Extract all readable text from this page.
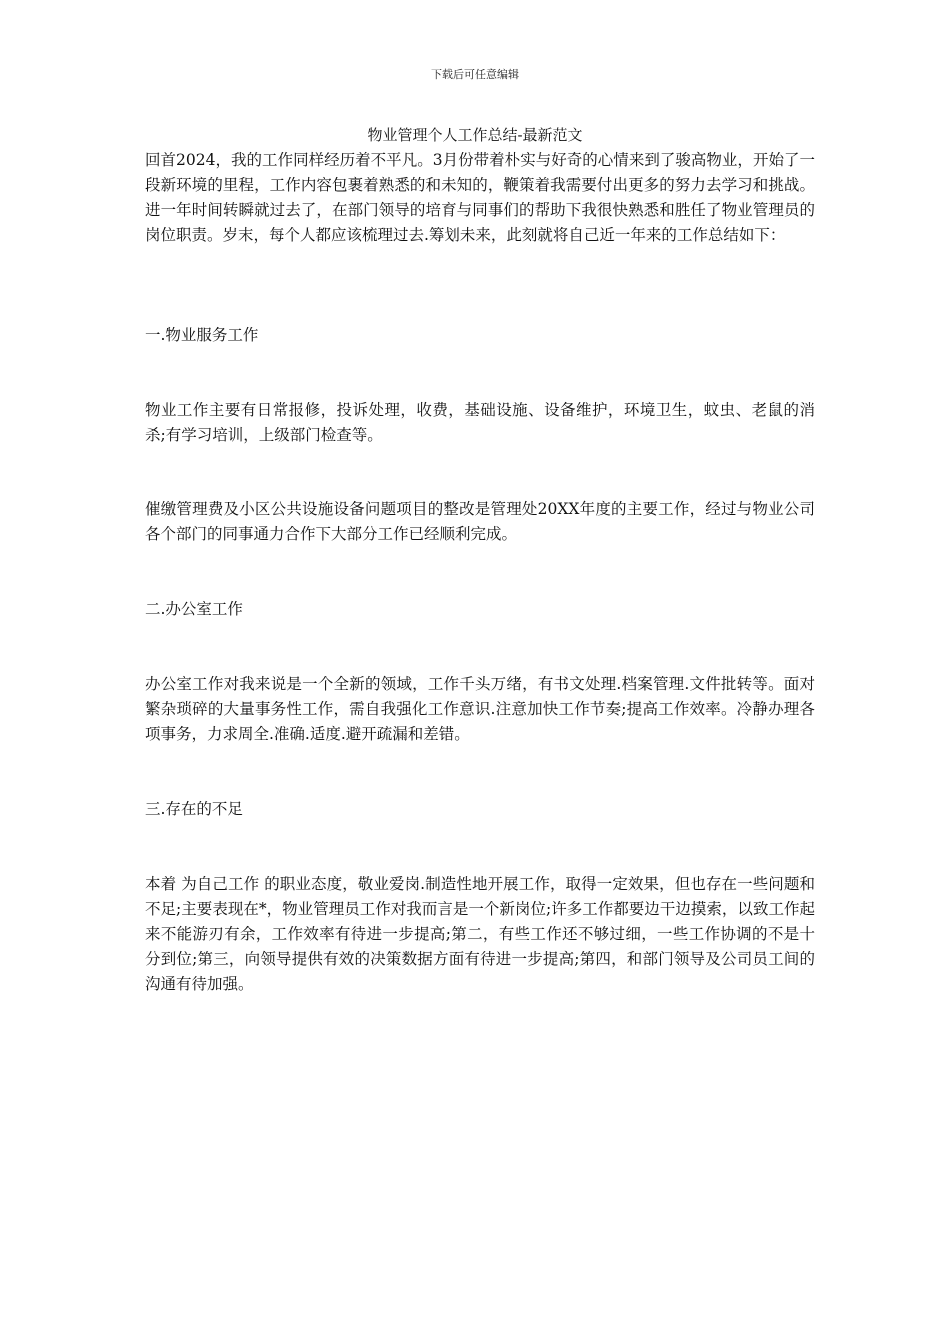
下载后可任意编辑
物业管理个人工作总结-最新范文

回首2024，我的工作同样经历着不平凡。3月份带着朴实与好奇的心情来到了骏高物业，开始了一段新环境的里程，工作内容包裹着熟悉的和未知的，鞭策着我需要付出更多的努力去学习和挑战。进一年时间转瞬就过去了，在部门领导的培育与同事们的帮助下我很快熟悉和胜任了物业管理员的岗位职责。岁末，每个人都应该梳理过去.筹划未来，此刻就将自己近一年来的工作总结如下：

一.物业服务工作

物业工作主要有日常报修，投诉处理，收费，基础设施、设备维护，环境卫生，蚊虫、老鼠的消杀;有学习培训，上级部门检查等。

催缴管理费及小区公共设施设备问题项目的整改是管理处20XX年度的主要工作，经过与物业公司各个部门的同事通力合作下大部分工作已经顺利完成。

二.办公室工作

办公室工作对我来说是一个全新的领域，工作千头万绪，有书文处理.档案管理.文件批转等。面对繁杂琐碎的大量事务性工作，需自我强化工作意识.注意加快工作节奏;提高工作效率。冷静办理各项事务，力求周全.准确.适度.避开疏漏和差错。

三.存在的不足

本着 为自己工作 的职业态度，敬业爱岗.制造性地开展工作，取得一定效果，但也存在一些问题和不足;主要表现在*，物业管理员工作对我而言是一个新岗位;许多工作都要边干边摸索，以致工作起来不能游刃有余，工作效率有待进一步提高;第二，有些工作还不够过细，一些工作协调的不是十分到位;第三，向领导提供有效的决策数据方面有待进一步提高;第四，和部门领导及公司员工间的沟通有待加强。
